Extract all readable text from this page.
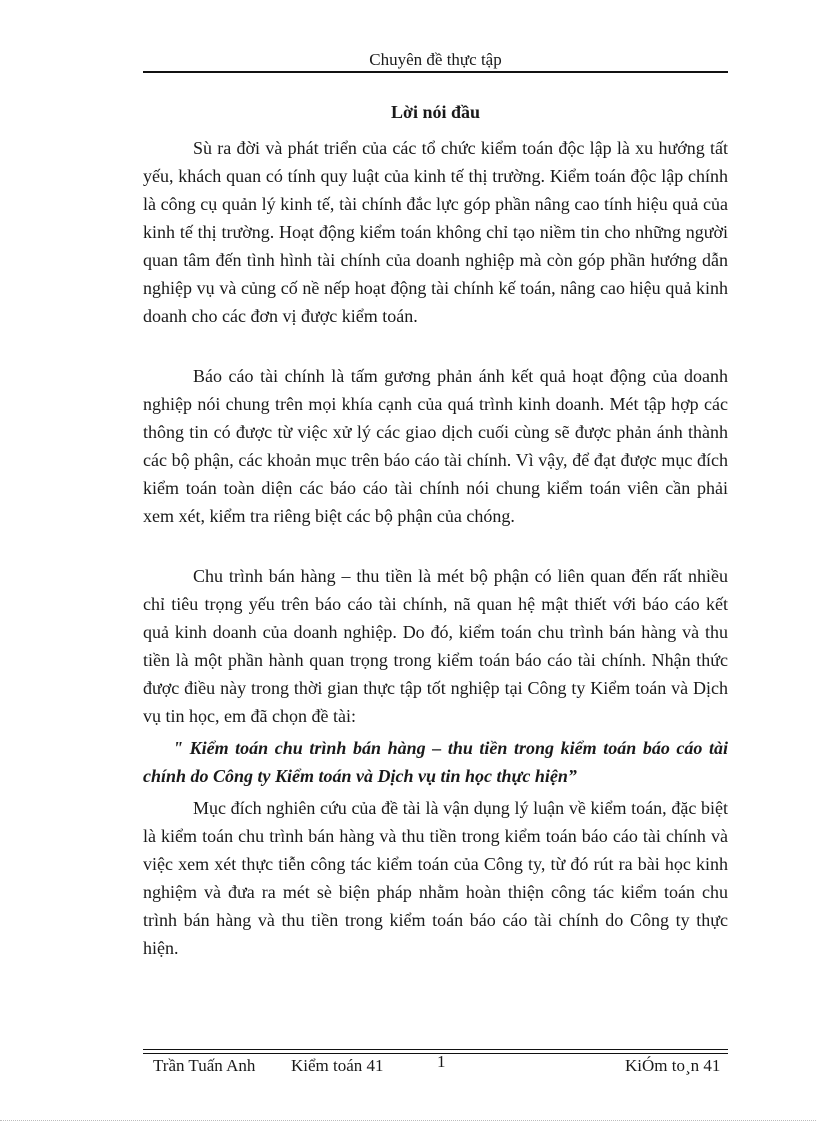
Chuyên đề thực tập
Lời nói đầu

Sù ra đời và phát triển của các tổ chức kiểm toán độc lập là xu hướng tất yếu, khách quan có tính quy luật của kinh tế thị trường. Kiểm toán độc lập chính là công cụ quản lý kinh tế, tài chính đắc lực góp phần nâng cao tính hiệu quả của kinh tế thị trường. Hoạt động kiểm toán không chỉ tạo niềm tin cho những người quan tâm đến tình hình tài chính của doanh nghiệp mà còn góp phần hướng dẫn nghiệp vụ và củng cố nề nếp hoạt động tài chính kế toán, nâng cao hiệu quả kinh doanh cho các đơn vị được kiểm toán.

Báo cáo tài chính là tấm gương phản ánh kết quả hoạt động của doanh nghiệp nói chung trên mọi khía cạnh của quá trình kinh doanh. Mét tập hợp các thông tin có được từ việc xử lý các giao dịch cuối cùng sẽ được phản ánh thành các bộ phận, các khoản mục trên báo cáo tài chính. Vì vậy, để đạt được mục đích kiểm toán toàn diện các báo cáo tài chính nói chung kiểm toán viên cần phải xem xét, kiểm tra riêng biệt các bộ phận của chóng.

Chu trình bán hàng – thu tiền là mét bộ phận có liên quan đến rất nhiều chỉ tiêu trọng yếu trên báo cáo tài chính, nã quan hệ mật thiết với báo cáo kết quả kinh doanh của doanh nghiệp. Do đó, kiểm toán chu trình bán hàng và thu tiền là một phần hành quan trọng trong kiểm toán báo cáo tài chính. Nhận thức được điều này trong thời gian thực tập tốt nghiệp tại Công ty Kiểm toán và Dịch vụ tin học, em đã chọn đề tài:

" Kiểm toán chu trình bán hàng – thu tiền trong kiểm toán báo cáo tài chính do Công ty Kiểm toán và Dịch vụ tin học thực hiện”

Mục đích nghiên cứu của đề tài là vận dụng lý luận về kiểm toán, đặc biệt là kiểm toán chu trình bán hàng và thu tiền trong kiểm toán báo cáo tài chính và việc xem xét thực tiễn công tác kiểm toán của Công ty, từ đó rút ra bài học kinh nghiệm và đưa ra mét sè biện pháp nhằm hoàn thiện công tác kiểm toán chu trình bán hàng và thu tiền trong kiểm toán báo cáo tài chính do Công ty thực hiện.

Trần Tuấn Anh Kiểm toán 41	1	KiÓm to¸n 41
